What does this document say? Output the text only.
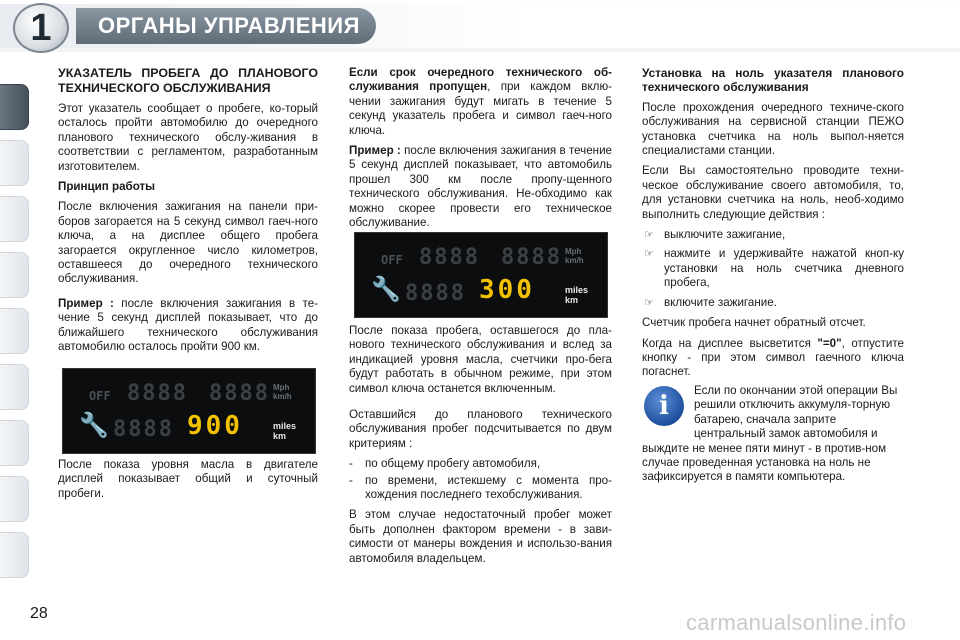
1	ОРГАНЫ УПРАВЛЕНИЯ

УКАЗАТЕЛЬ ПРОБЕГА ДО ПЛАНОВОГО ТЕХНИЧЕСКОГО ОБСЛУЖИВАНИЯ

Этот указатель сообщает о пробеге, ко-торый осталось пройти автомобилю до очередного планового технического обслу-живания в соответствии с регламентом, разработанным изготовителем.

Принцип работы

После включения зажигания на панели при-боров загорается на 5 секунд символ гаеч-ного ключа, а на дисплее общего пробега загорается округленное число километров, оставшееся до очередного технического обслуживания.

Пример : после включения зажигания в те-чение 5 секунд дисплей показывает, что до ближайшего технического обслуживания автомобилю осталось пройти 900 км.

После показа уровня масла в двигателе дисплей показывает общий и суточный пробеги.

OFF 8888 8888 Mph km/h
🔧 8888 900	miles km

Если срок очередного технического об-служивания пропущен, при каждом вклю-чении зажигания будут мигать в течение 5 секунд указатель пробега и символ гаеч-ного ключа.

Пример : после включения зажигания в течение 5 секунд дисплей показывает, что автомобиль прошел 300 км после пропу-щенного технического обслуживания. Не-обходимо как можно скорее провести его техническое обслуживание.

OFF 8888 8888 Mph km/h
🔧 8888 300	miles km

После показа пробега, оставшегося до пла-нового технического обслуживания и вслед за индикацией уровня масла, счетчики про-бега будут работать в обычном режиме, при этом символ ключа останется включенным.

Оставшийся до планового технического обслуживания пробег подсчитывается по двум критериям :

- по общему пробегу автомобиля,
- по времени, истекшему с момента про-хождения последнего техобслуживания.

В этом случае недостаточный пробег может быть дополнен фактором времени - в зави-симости от манеры вождения и использо-вания автомобиля владельцем.

Установка на ноль указателя планового технического обслуживания

После прохождения очередного техниче-ского обслуживания на сервисной станции ПЕЖО установка счетчика на ноль выпол-няется специалистами станции.

Если Вы самостоятельно проводите техни-ческое обслуживание своего автомобиля, то, для установки счетчика на ноль, необ-ходимо выполнить следующие действия :

☞ выключите зажигание,
☞ нажмите и удерживайте нажатой кноп-ку установки на ноль счетчика дневного пробега,
☞ включите зажигание.

Счетчик пробега начнет обратный отсчет.

Когда на дисплее высветится "=0", отпустите кнопку - при этом символ гаечного ключа погаснет.

i
Если по окончании этой операции Вы решили отключить аккумуля-торную батарею, сначала заприте центральный замок автомобиля и выждите не менее пяти минут - в против-ном случае проведенная установка на ноль не зафиксируется в памяти компьютера.
28	carmanualsonline.info
